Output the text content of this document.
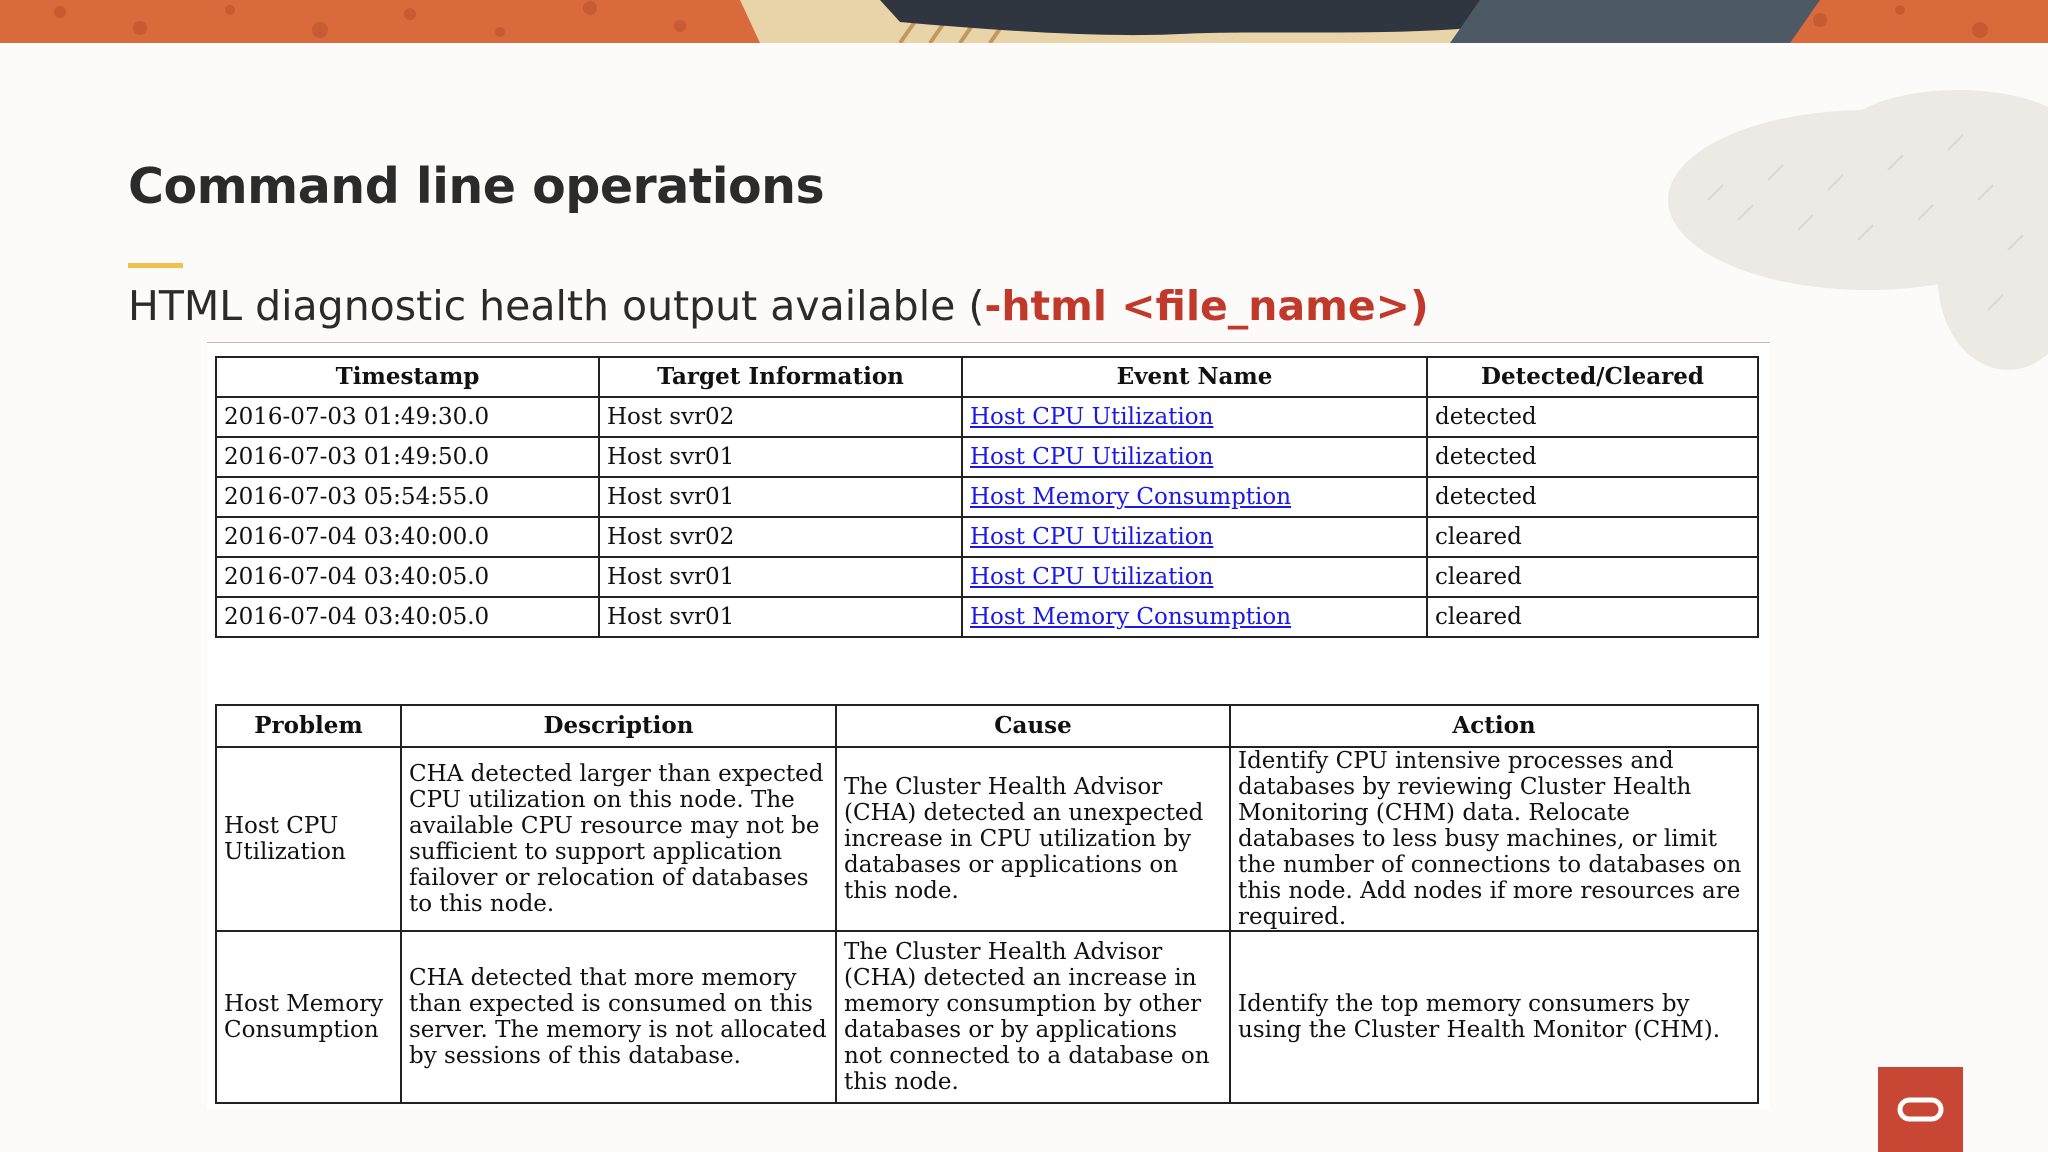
Command line operations

HTML diagnostic health output available (-html <file_name>)

Timestamp	Target Information	Event Name	Detected/Cleared
2016-07-03 01:49:30.0	Host svr02	Host CPU Utilization	detected
2016-07-03 01:49:50.0	Host svr01	Host CPU Utilization	detected
2016-07-03 05:54:55.0	Host svr01	Host Memory Consumption	detected
2016-07-04 03:40:00.0	Host svr02	Host CPU Utilization	cleared
2016-07-04 03:40:05.0	Host svr01	Host CPU Utilization	cleared
2016-07-04 03:40:05.0	Host svr01	Host Memory Consumption	cleared
Problem	Description	Cause	Action
Host CPU Utilization	CHA detected larger than expected CPU utilization on this node. The available CPU resource may not be sufficient to support application failover or relocation of databases to this node.	The Cluster Health Advisor (CHA) detected an unexpected increase in CPU utilization by databases or applications on this node.	Identify CPU intensive processes and databases by reviewing Cluster Health Monitoring (CHM) data. Relocate databases to less busy machines, or limit the number of connections to databases on this node. Add nodes if more resources are required.
Host Memory Consumption	CHA detected that more memory than expected is consumed on this server. The memory is not allocated by sessions of this database.	The Cluster Health Advisor (CHA) detected an increase in memory consumption by other databases or by applications not connected to a database on this node.	Identify the top memory consumers by using the Cluster Health Monitor (CHM).
